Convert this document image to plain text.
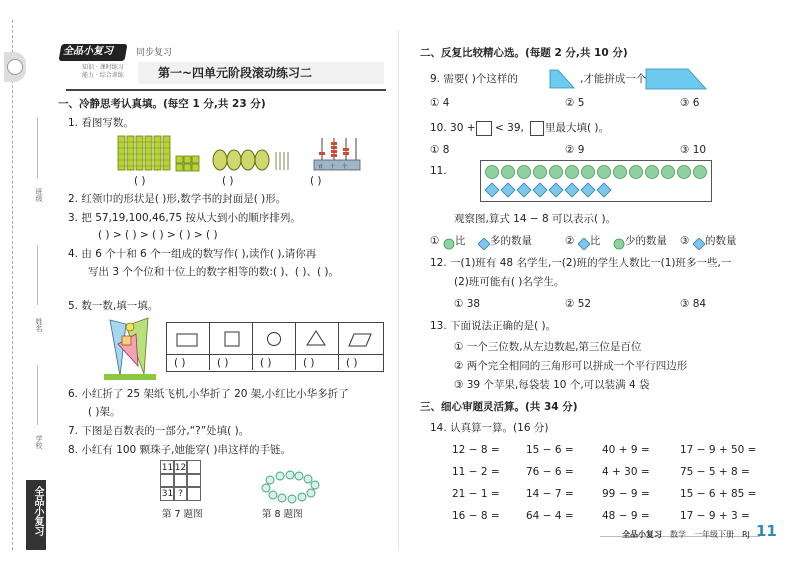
班级
姓名
学校
全品小复习
全品小复习	同步复习
知识 · 课时练习
能力 · 综合训练	第一~四单元阶段滚动练习二
一、冷静思考认真填。(每空 1 分,共 23 分)
1. 看图写数。
百 十 个
( )	( )	( )
2. 红领巾的形状是( )形,数学书的封面是( )形。
3. 把 57,19,100,46,75 按从大到小的顺序排列。
( ) > ( ) > ( ) > ( ) > ( )
4. 由 6 个十和 6 个一组成的数写作( ),读作( ),请你再
写出 3 个个位和十位上的数字相等的数:( )、( )、( )。
5. 数一数,填一填。
( )	( )	( )	( )	( )
6. 小红折了 25 架纸飞机,小华折了 20 架,小红比小华多折了
( )架。
7. 下图是百数表的一部分,“?”处填( )。
8. 小红有 100 颗珠子,她能穿( )串这样的手链。
11 12
31 ?
第 7 题图	第 8 题图
二、反复比较精心选。(每题 2 分,共 10 分)
9. 需要( )个这样的	,才能拼成一个
① 4	② 5	③ 6
10. 30 + < 39, 里最大填( )。
① 8	② 9	③ 10
11.
观察图,算式 14 − 8 可以表示( )。
① 比 多的数量	② 比 少的数量 ③ 的数量
12. 一(1)班有 48 名学生,一(2)班的学生人数比一(1)班多一些,一
(2)班可能有( )名学生。
① 38	② 52	③ 84
13. 下面说法正确的是( )。
① 一个三位数,从左边数起,第三位是百位
② 两个完全相同的三角形可以拼成一个平行四边形
③ 39 个苹果,每袋装 10 个,可以装满 4 袋
三、细心审题灵活算。(共 34 分)
14. 认真算一算。(16 分)
12 − 8 =	15 − 6 =	40 + 9 =	17 − 9 + 50 =
11 − 2 =	76 − 6 =	4 + 30 =	75 − 5 + 8 =
21 − 1 =	14 − 7 =	99 − 9 =	15 − 6 + 85 =
16 − 8 =	64 − 4 =	48 − 9 =	17 − 9 + 3 =
全品小复习 数学 一年级下册 RJ 11
